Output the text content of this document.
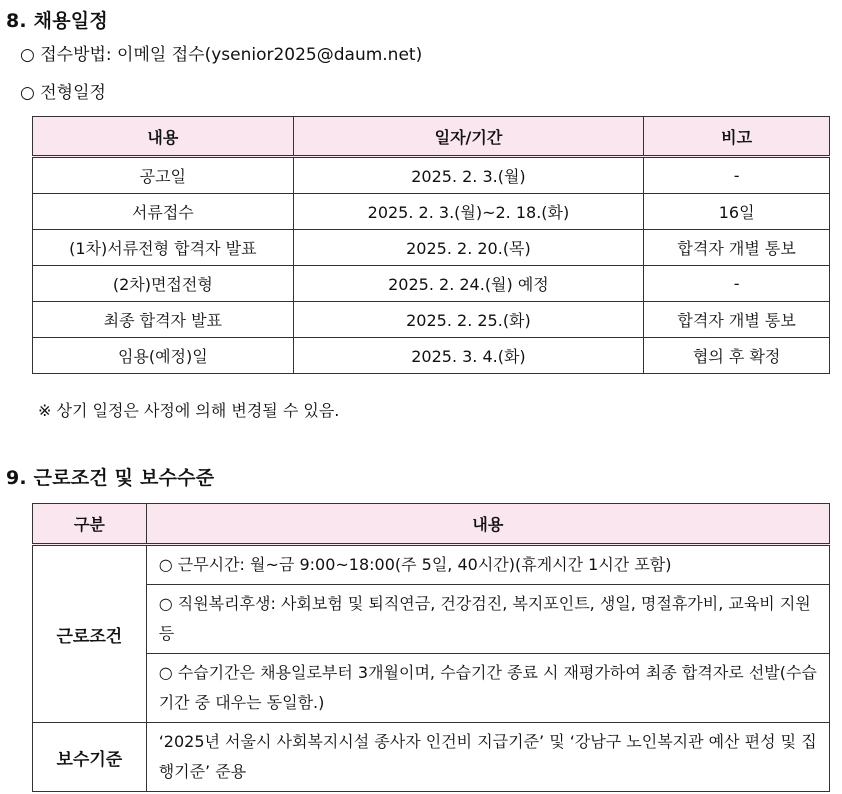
8. 채용일정
○ 접수방법: 이메일 접수(ysenior2025@daum.net)
○ 전형일정
내용	일자/기간	비고
공고일	2025. 2. 3.(월)	-
서류접수	2025. 2. 3.(월)~2. 18.(화)	16일
(1차)서류전형 합격자 발표	2025. 2. 20.(목)	합격자 개별 통보
(2차)면접전형	2025. 2. 24.(월) 예정	-
최종 합격자 발표	2025. 2. 25.(화)	합격자 개별 통보
임용(예정)일	2025. 3. 4.(화)	협의 후 확정
※ 상기 일정은 사정에 의해 변경될 수 있음.
9. 근로조건 및 보수수준
구분	내용
근로조건	○ 근무시간: 월~금 9:00~18:00(주 5일, 40시간)(휴게시간 1시간 포함)
	○ 직원복리후생: 사회보험 및 퇴직연금, 건강검진, 복지포인트, 생일, 명절휴가비, 교육비 지원 등
	○ 수습기간은 채용일로부터 3개월이며, 수습기간 종료 시 재평가하여 최종 합격자로 선발(수습기간 중 대우는 동일함.)
보수기준	‘2025년 서울시 사회복지시설 종사자 인건비 지급기준’ 및 ‘강남구 노인복지관 예산 편성 및 집행기준’ 준용
